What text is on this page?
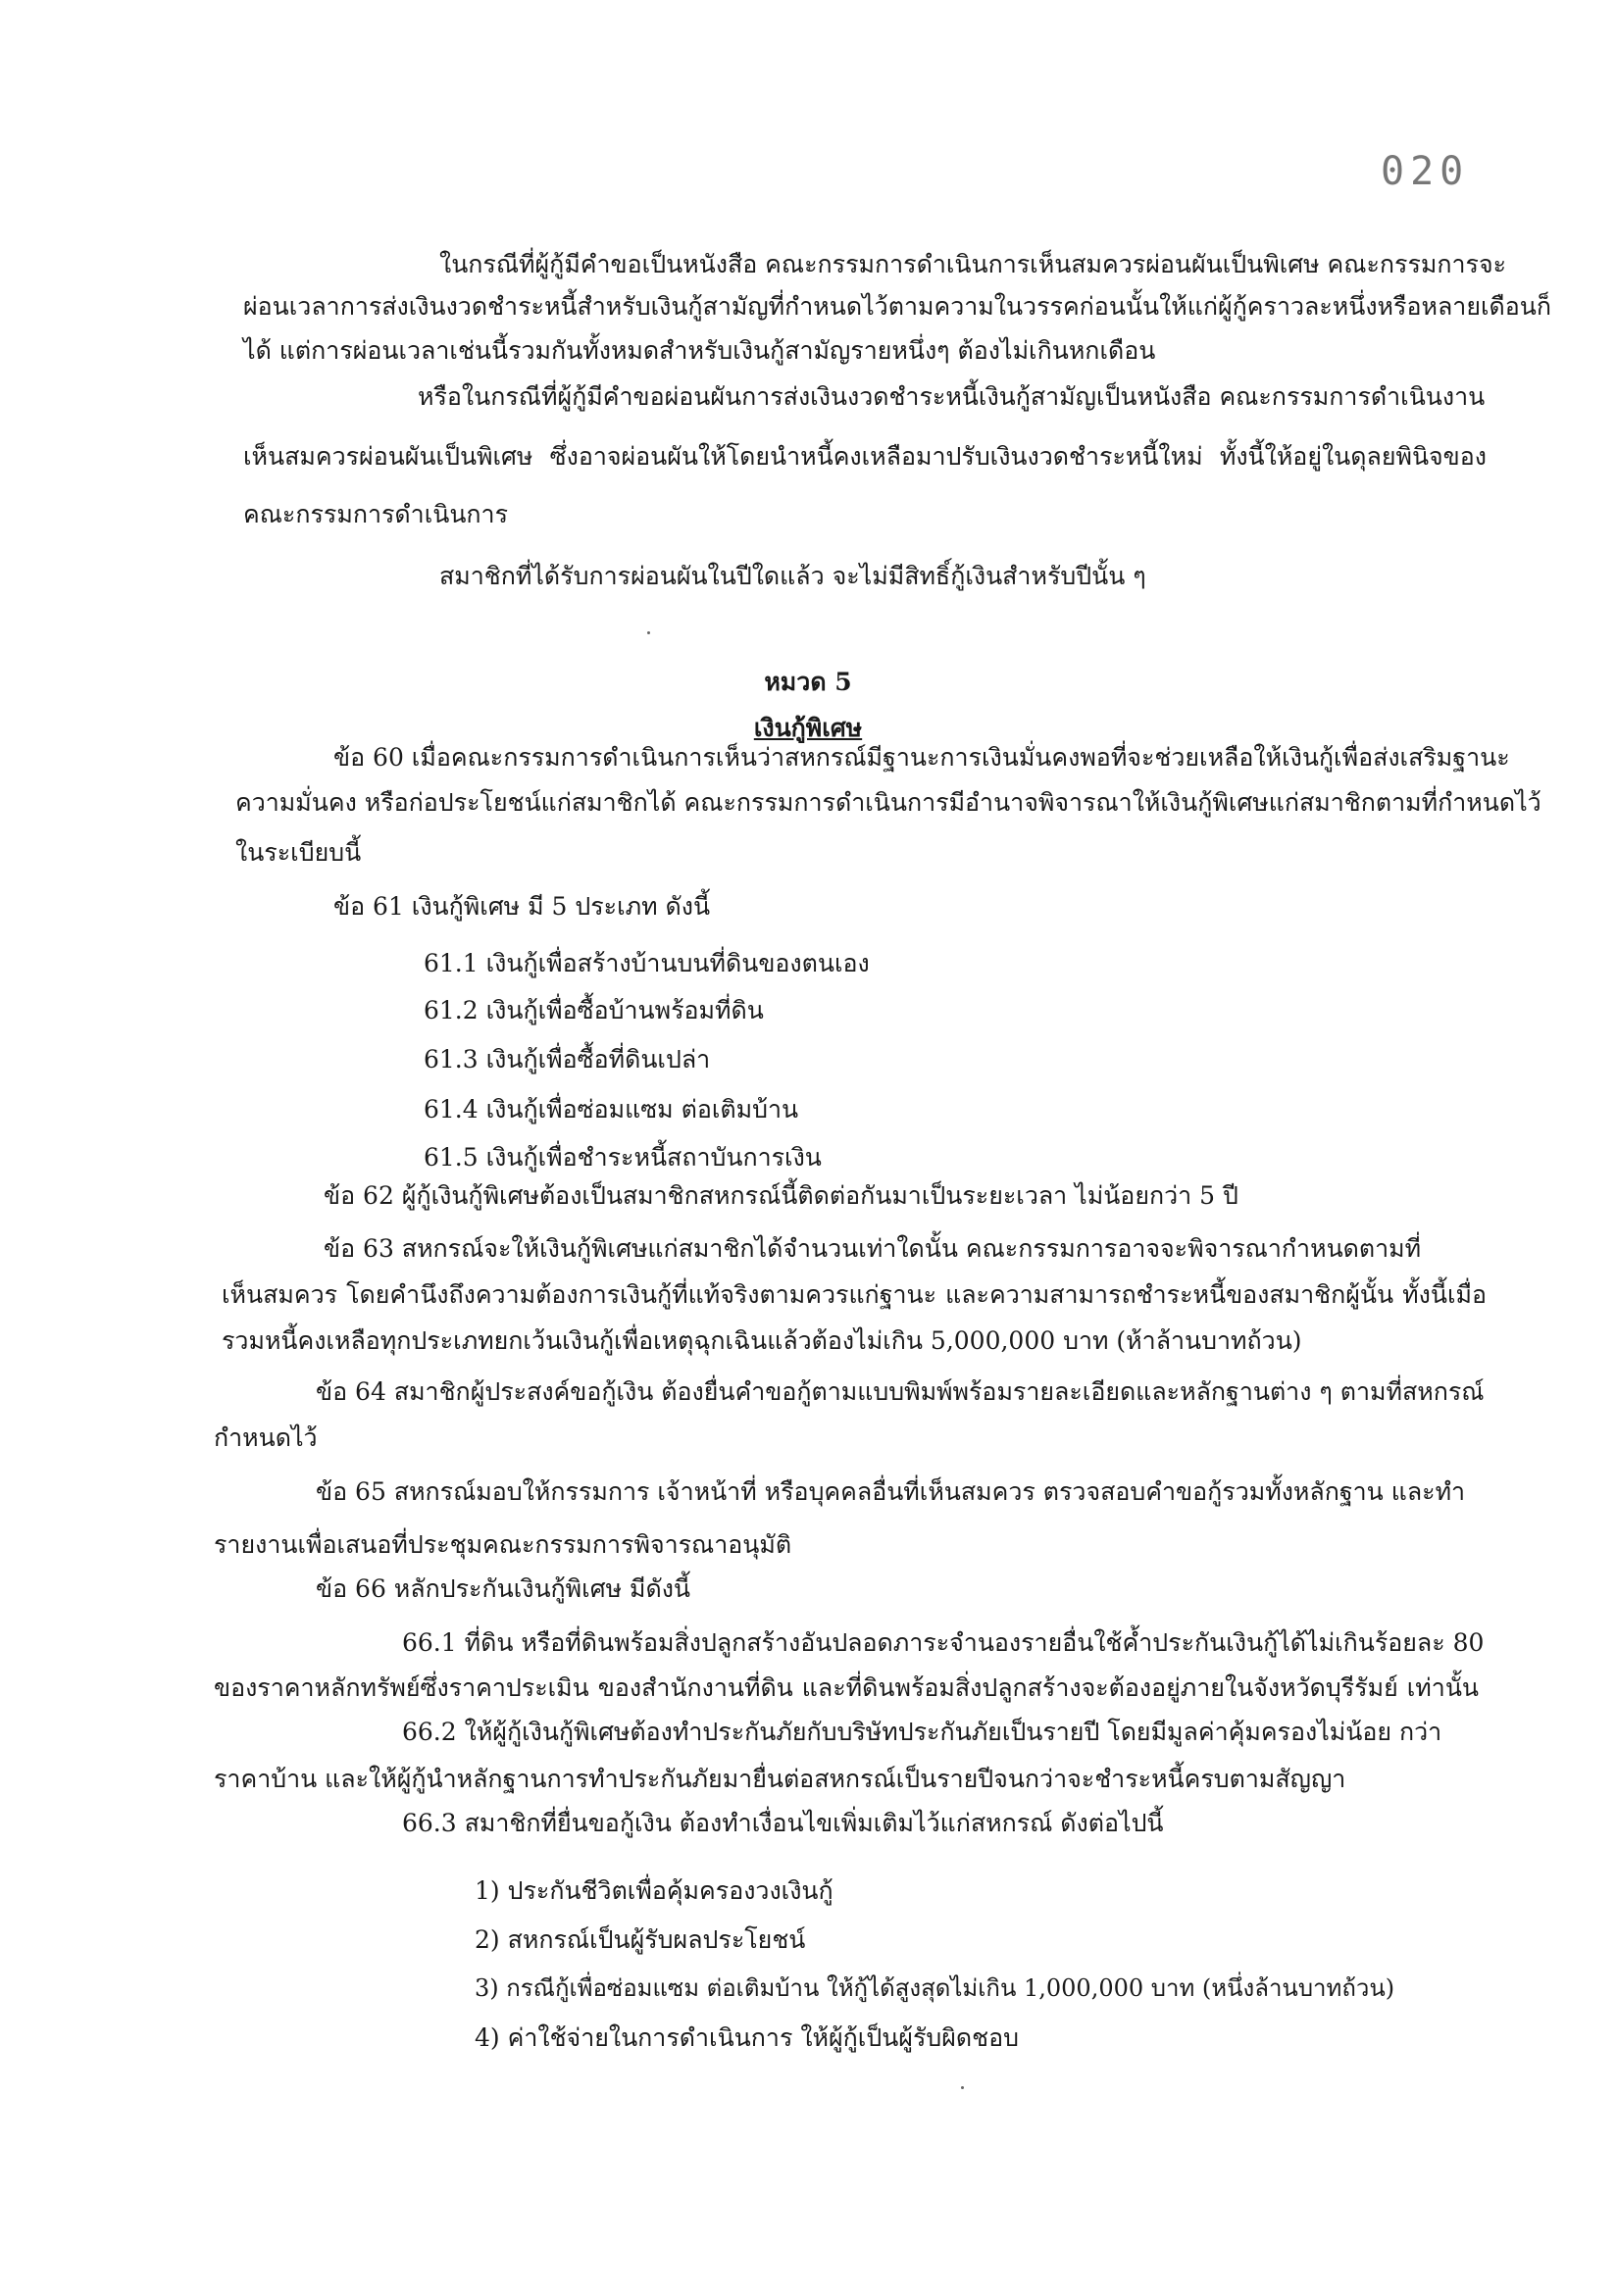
020
ในกรณีที่ผู้กู้มีคำขอเป็นหนังสือ คณะกรรมการดำเนินการเห็นสมควรผ่อนผันเป็นพิเศษ คณะกรรมการจะ
ผ่อนเวลาการส่งเงินงวดชำระหนี้สำหรับเงินกู้สามัญที่กำหนดไว้ตามความในวรรคก่อนนั้นให้แก่ผู้กู้คราวละหนึ่งหรือหลายเดือนก็
ได้ แต่การผ่อนเวลาเช่นนี้รวมกันทั้งหมดสำหรับเงินกู้สามัญรายหนึ่งๆ ต้องไม่เกินหกเดือน
หรือในกรณีที่ผู้กู้มีคำขอผ่อนผันการส่งเงินงวดชำระหนี้เงินกู้สามัญเป็นหนังสือ คณะกรรมการดำเนินงาน
เห็นสมควรผ่อนผันเป็นพิเศษ ซึ่งอาจผ่อนผันให้โดยนำหนี้คงเหลือมาปรับเงินงวดชำระหนี้ใหม่ ทั้งนี้ให้อยู่ในดุลยพินิจของ
คณะกรรมการดำเนินการ
สมาชิกที่ได้รับการผ่อนผันในปีใดแล้ว จะไม่มีสิทธิ์กู้เงินสำหรับปีนั้น ๆ
หมวด 5
เงินกู้พิเศษ
ข้อ 60 เมื่อคณะกรรมการดำเนินการเห็นว่าสหกรณ์มีฐานะการเงินมั่นคงพอที่จะช่วยเหลือให้เงินกู้เพื่อส่งเสริมฐานะ
ความมั่นคง หรือก่อประโยชน์แก่สมาชิกได้ คณะกรรมการดำเนินการมีอำนาจพิจารณาให้เงินกู้พิเศษแก่สมาชิกตามที่กำหนดไว้
ในระเบียบนี้
ข้อ 61 เงินกู้พิเศษ มี 5 ประเภท ดังนี้
61.1 เงินกู้เพื่อสร้างบ้านบนที่ดินของตนเอง
61.2 เงินกู้เพื่อซื้อบ้านพร้อมที่ดิน
61.3 เงินกู้เพื่อซื้อที่ดินเปล่า
61.4 เงินกู้เพื่อซ่อมแซม ต่อเติมบ้าน
61.5 เงินกู้เพื่อชำระหนี้สถาบันการเงิน
ข้อ 62 ผู้กู้เงินกู้พิเศษต้องเป็นสมาชิกสหกรณ์นี้ติดต่อกันมาเป็นระยะเวลา ไม่น้อยกว่า 5 ปี
ข้อ 63 สหกรณ์จะให้เงินกู้พิเศษแก่สมาชิกได้จำนวนเท่าใดนั้น คณะกรรมการอาจจะพิจารณากำหนดตามที่
เห็นสมควร โดยคำนึงถึงความต้องการเงินกู้ที่แท้จริงตามควรแก่ฐานะ และความสามารถชำระหนี้ของสมาชิกผู้นั้น ทั้งนี้เมื่อ
รวมหนี้คงเหลือทุกประเภทยกเว้นเงินกู้เพื่อเหตุฉุกเฉินแล้วต้องไม่เกิน 5,000,000 บาท (ห้าล้านบาทถ้วน)
ข้อ 64 สมาชิกผู้ประสงค์ขอกู้เงิน ต้องยื่นคำขอกู้ตามแบบพิมพ์พร้อมรายละเอียดและหลักฐานต่าง ๆ ตามที่สหกรณ์
กำหนดไว้
ข้อ 65 สหกรณ์มอบให้กรรมการ เจ้าหน้าที่ หรือบุคคลอื่นที่เห็นสมควร ตรวจสอบคำขอกู้รวมทั้งหลักฐาน และทำ
รายงานเพื่อเสนอที่ประชุมคณะกรรมการพิจารณาอนุมัติ
ข้อ 66 หลักประกันเงินกู้พิเศษ มีดังนี้
66.1 ที่ดิน หรือที่ดินพร้อมสิ่งปลูกสร้างอันปลอดภาระจำนองรายอื่นใช้ค้ำประกันเงินกู้ได้ไม่เกินร้อยละ 80
ของราคาหลักทรัพย์ซึ่งราคาประเมิน ของสำนักงานที่ดิน และที่ดินพร้อมสิ่งปลูกสร้างจะต้องอยู่ภายในจังหวัดบุรีรัมย์ เท่านั้น
66.2 ให้ผู้กู้เงินกู้พิเศษต้องทำประกันภัยกับบริษัทประกันภัยเป็นรายปี โดยมีมูลค่าคุ้มครองไม่น้อย กว่า
ราคาบ้าน และให้ผู้กู้นำหลักฐานการทำประกันภัยมายื่นต่อสหกรณ์เป็นรายปีจนกว่าจะชำระหนี้ครบตามสัญญา
66.3 สมาชิกที่ยื่นขอกู้เงิน ต้องทำเงื่อนไขเพิ่มเติมไว้แก่สหกรณ์ ดังต่อไปนี้
1) ประกันชีวิตเพื่อคุ้มครองวงเงินกู้
2) สหกรณ์เป็นผู้รับผลประโยชน์
3) กรณีกู้เพื่อซ่อมแซม ต่อเติมบ้าน ให้กู้ได้สูงสุดไม่เกิน 1,000,000 บาท (หนึ่งล้านบาทถ้วน)
4) ค่าใช้จ่ายในการดำเนินการ ให้ผู้กู้เป็นผู้รับผิดชอบ
